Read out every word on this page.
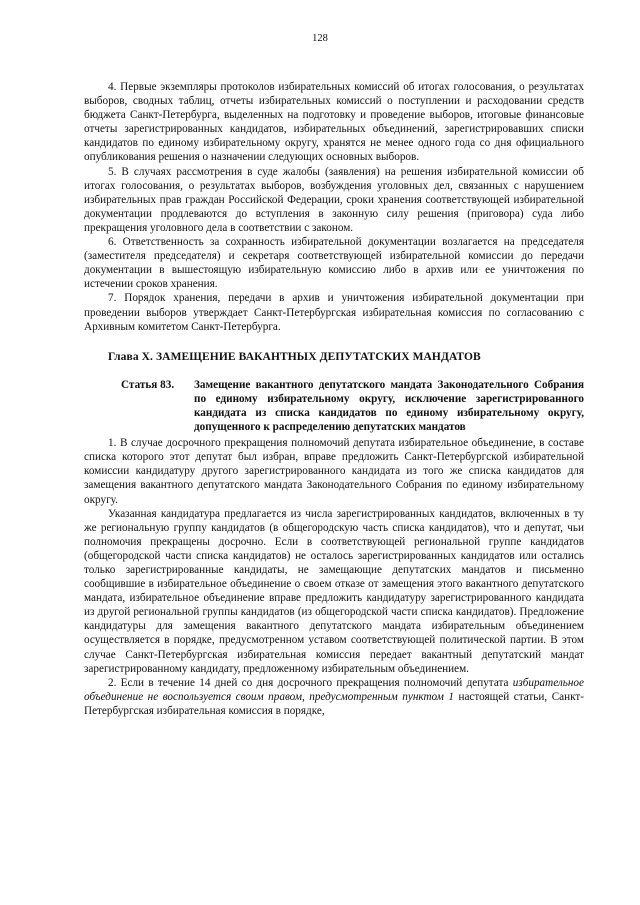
128

4. Первые экземпляры протоколов избирательных комиссий об итогах голосования, о результатах выборов, сводных таблиц, отчеты избирательных комиссий о поступлении и расходовании средств бюджета Санкт-Петербурга, выделенных на подготовку и проведение выборов, итоговые финансовые отчеты зарегистрированных кандидатов, избирательных объединений, зарегистрировавших списки кандидатов по единому избирательному округу, хранятся не менее одного года со дня официального опубликования решения о назначении следующих основных выборов.

5. В случаях рассмотрения в суде жалобы (заявления) на решения избирательной комиссии об итогах голосования, о результатах выборов, возбуждения уголовных дел, связанных с нарушением избирательных прав граждан Российской Федерации, сроки хранения соответствующей избирательной документации продлеваются до вступления в законную силу решения (приговора) суда либо прекращения уголовного дела в соответствии с законом.

6. Ответственность за сохранность избирательной документации возлагается на председателя (заместителя председателя) и секретаря соответствующей избирательной комиссии до передачи документации в вышестоящую избирательную комиссию либо в архив или ее уничтожения по истечении сроков хранения.

7. Порядок хранения, передачи в архив и уничтожения избирательной документации при проведении выборов утверждает Санкт-Петербургская избирательная комиссия по согласованию с Архивным комитетом Санкт-Петербурга.

Глава X. ЗАМЕЩЕНИЕ ВАКАНТНЫХ ДЕПУТАТСКИХ МАНДАТОВ
Статья 83.	Замещение вакантного депутатского мандата Законодательного Собрания по единому избирательному округу, исключение зарегистрированного кандидата из списка кандидатов по единому избирательному округу, допущенного к распределению депутатских мандатов

1. В случае досрочного прекращения полномочий депутата избирательное объединение, в составе списка которого этот депутат был избран, вправе предложить Санкт-Петербургской избирательной комиссии кандидатуру другого зарегистрированного кандидата из того же списка кандидатов для замещения вакантного депутатского мандата Законодательного Собрания по единому избирательному округу.

Указанная кандидатура предлагается из числа зарегистрированных кандидатов, включенных в ту же региональную группу кандидатов (в общегородскую часть списка кандидатов), что и депутат, чьи полномочия прекращены досрочно. Если в соответствующей региональной группе кандидатов (общегородской части списка кандидатов) не осталось зарегистрированных кандидатов или остались только зарегистрированные кандидаты, не замещающие депутатских мандатов и письменно сообщившие в избирательное объединение о своем отказе от замещения этого вакантного депутатского мандата, избирательное объединение вправе предложить кандидатуру зарегистрированного кандидата из другой региональной группы кандидатов (из общегородской части списка кандидатов). Предложение кандидатуры для замещения вакантного депутатского мандата избирательным объединением осуществляется в порядке, предусмотренном уставом соответствующей политической партии. В этом случае Санкт-Петербургская избирательная комиссия передает вакантный депутатский мандат зарегистрированному кандидату, предложенному избирательным объединением.

2. Если в течение 14 дней со дня досрочного прекращения полномочий депутата избирательное объединение не воспользуется своим правом, предусмотренным пунктом 1 настоящей статьи, Санкт-Петербургская избирательная комиссия в порядке,
